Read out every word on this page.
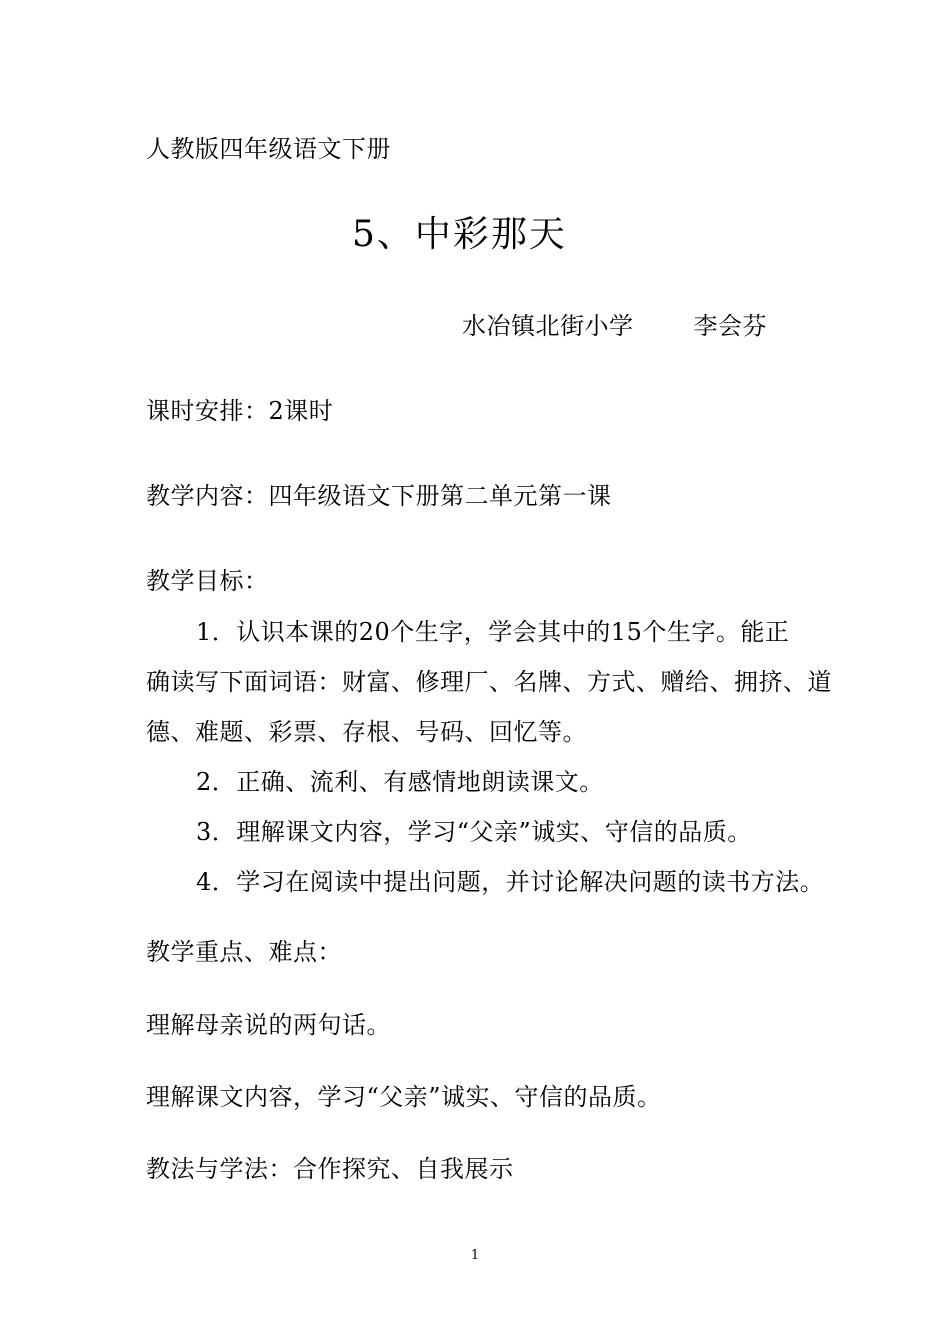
人教版四年级语文下册
5、中彩那天
水冶镇北街小学	李会芬
课时安排：2课时
教学内容：四年级语文下册第二单元第一课
教学目标：
1．认识本课的20个生字，学会其中的15个生字。能正
确读写下面词语：财富、修理厂、名牌、方式、赠给、拥挤、道
德、难题、彩票、存根、号码、回忆等。
2．正确、流利、有感情地朗读课文。
3．理解课文内容，学习“父亲”诚实、守信的品质。
4．学习在阅读中提出问题，并讨论解决问题的读书方法。
教学重点、难点：
理解母亲说的两句话。
理解课文内容，学习“父亲”诚实、守信的品质。
教法与学法：合作探究、自我展示
1
